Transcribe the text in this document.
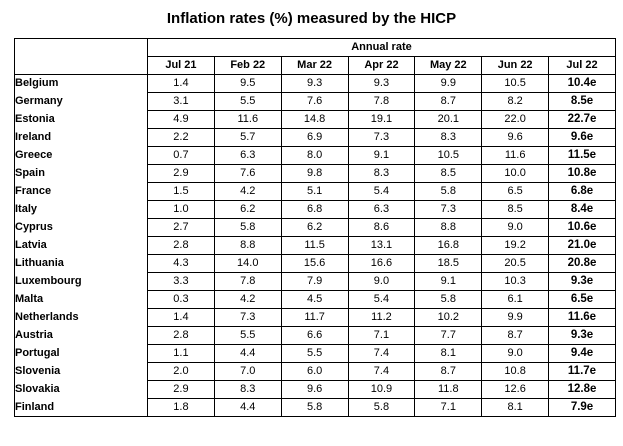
Inflation rates (%) measured by the HICP
	Annual rate						
	Jul 21	Feb 22	Mar 22	Apr 22	May 22	Jun 22	Jul 22
Belgium	1.4	9.5	9.3	9.3	9.9	10.5	10.4e
Germany	3.1	5.5	7.6	7.8	8.7	8.2	8.5e
Estonia	4.9	11.6	14.8	19.1	20.1	22.0	22.7e
Ireland	2.2	5.7	6.9	7.3	8.3	9.6	9.6e
Greece	0.7	6.3	8.0	9.1	10.5	11.6	11.5e
Spain	2.9	7.6	9.8	8.3	8.5	10.0	10.8e
France	1.5	4.2	5.1	5.4	5.8	6.5	6.8e
Italy	1.0	6.2	6.8	6.3	7.3	8.5	8.4e
Cyprus	2.7	5.8	6.2	8.6	8.8	9.0	10.6e
Latvia	2.8	8.8	11.5	13.1	16.8	19.2	21.0e
Lithuania	4.3	14.0	15.6	16.6	18.5	20.5	20.8e
Luxembourg	3.3	7.8	7.9	9.0	9.1	10.3	9.3e
Malta	0.3	4.2	4.5	5.4	5.8	6.1	6.5e
Netherlands	1.4	7.3	11.7	11.2	10.2	9.9	11.6e
Austria	2.8	5.5	6.6	7.1	7.7	8.7	9.3e
Portugal	1.1	4.4	5.5	7.4	8.1	9.0	9.4e
Slovenia	2.0	7.0	6.0	7.4	8.7	10.8	11.7e
Slovakia	2.9	8.3	9.6	10.9	11.8	12.6	12.8e
Finland	1.8	4.4	5.8	5.8	7.1	8.1	7.9e
